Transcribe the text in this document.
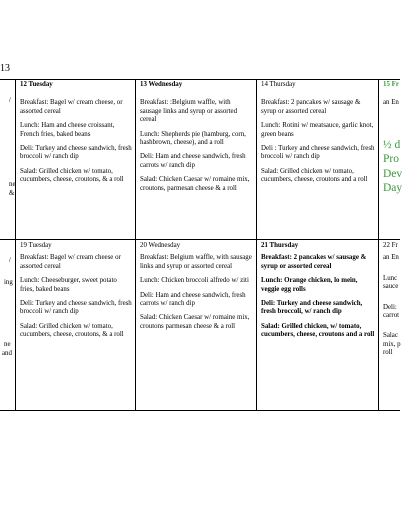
13
/
ne
&
12 Tuesday

Breakfast: Bagel w/ cream cheese, or assorted cereal

Lunch: Ham and cheese croissant, French fries, baked beans

Deli: Turkey and cheese sandwich, fresh broccoli w/ ranch dip

Salad: Grilled chicken w/ tomato, cucumbers, cheese, croutons, & a roll

13 Wednesday

Breakfast: :Belgium waffle, with sausage links and syrup or assorted cereal

Lunch: Shepherds pie (hamburg, corn, hashbrown, cheese), and a roll

Deli: Ham and cheese sandwich, fresh carrots w/ ranch dip

Salad: Chicken Caesar w/ romaine mix, croutons, parmesan cheese & a roll

14 Thursday

Breakfast: 2 pancakes w/ sausage & syrup or assorted cereal

Lunch: Rotini w/ meatsauce, garlic knot, green beans

Deli : Turkey and cheese sandwich, fresh broccoli w/ ranch dip

Salad: Grilled chicken w/ tomato, cucumbers, cheese, croutons and a roll

15 Fr
an En
½ d
Pro
Dev
Day
/
ing
ne
and
19 Tuesday

Breakfast: Bagel w/ cream cheese or assorted cereal

Lunch: Cheeseburger, sweet potato fries, baked beans

Deli: Turkey and cheese sandwich, fresh broccoli w/ ranch dip

Salad: Grilled chicken w/ tomato, cucumbers, cheese, croutons, & a roll

20 Wednesday

Breakfast: Belgium waffle, with sausage links and syrup or assorted cereal

Lunch: Chicken broccoli alfredo w/ ziti

Deli: Ham and cheese sandwich, fresh carrots w/ ranch dip

Salad: Chicken Caesar w/ romaine mix, croutons parmesan cheese & a roll

21 Thursday

Breakfast: 2 pancakes w/ sausage & syrup or assorted cereal

Lunch: Orange chicken, lo mein, veggie egg rolls

Deli: Turkey and cheese sandwich, fresh broccoli, w/ ranch dip

Salad: Grilled chicken, w/ tomato, cucumbers, cheese, croutons and a roll

22 Fr
an En
Lunc
sauce
Deli:
carrot
Salac
mix, p
roll
